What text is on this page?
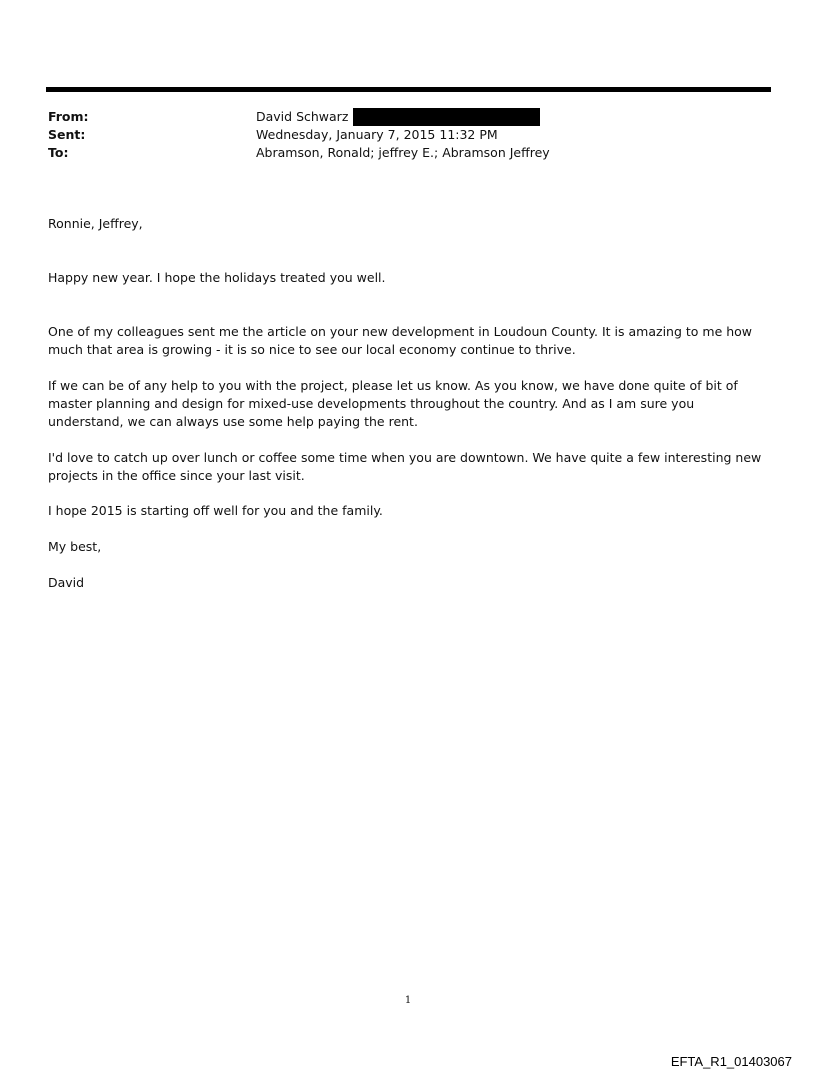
From:	David Schwarz
Sent:	Wednesday, January 7, 2015 11:32 PM
To:	Abramson, Ronald; jeffrey E.; Abramson Jeffrey

Ronnie, Jeffrey,

Happy new year. I hope the holidays treated you well.

One of my colleagues sent me the article on your new development in Loudoun County. It is amazing to me how much that area is growing - it is so nice to see our local economy continue to thrive.

If we can be of any help to you with the project, please let us know. As you know, we have done quite of bit of master planning and design for mixed-use developments throughout the country. And as I am sure you understand, we can always use some help paying the rent.

I'd love to catch up over lunch or coffee some time when you are downtown. We have quite a few interesting new projects in the office since your last visit.

I hope 2015 is starting off well for you and the family.

My best,

David

1
EFTA_R1_01403067
